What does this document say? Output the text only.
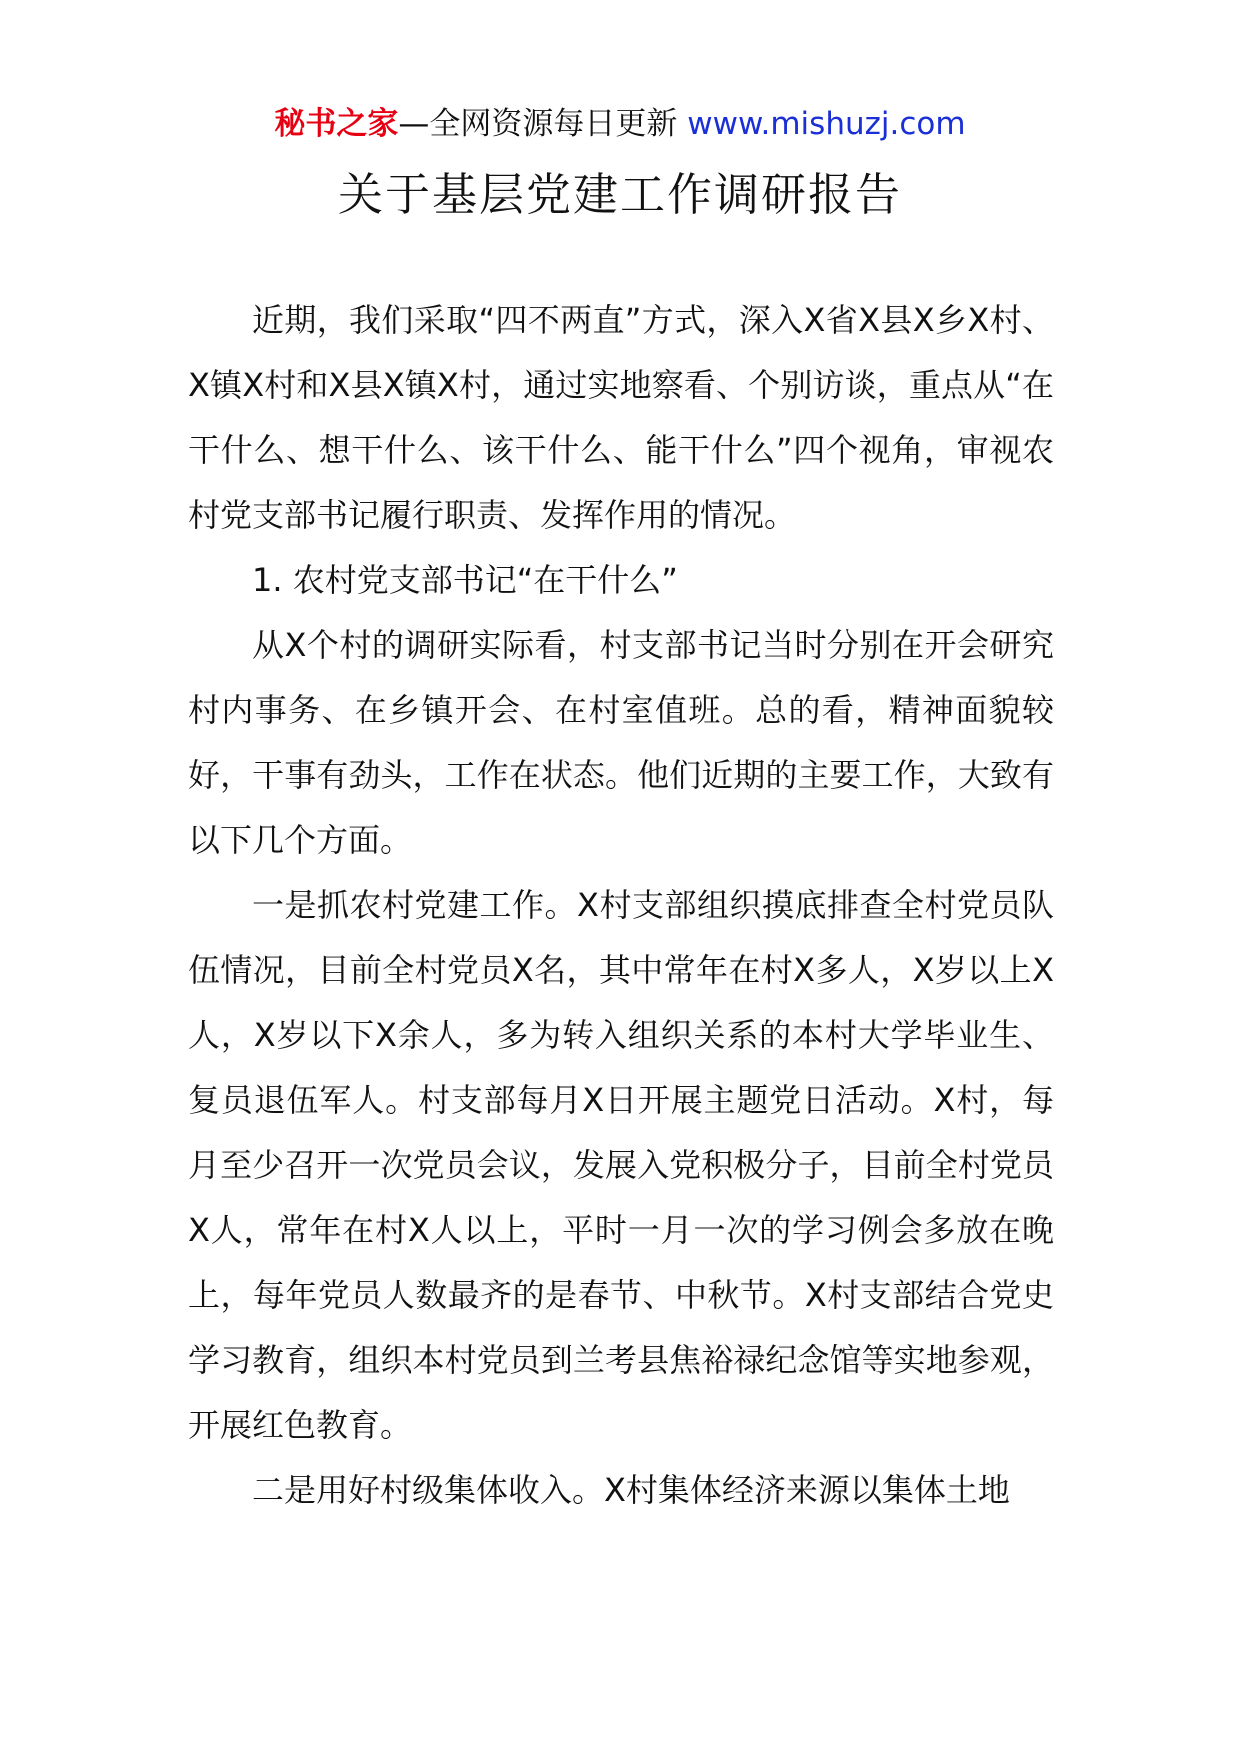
秘书之家—全网资源每日更新 www.mishuzj.com
关于基层党建工作调研报告

近期，我们采取“四不两直”方式，深入X省X县X乡X村、X镇X村和X县X镇X村，通过实地察看、个别访谈，重点从“在干什么、想干什么、该干什么、能干什么”四个视角，审视农村党支部书记履行职责、发挥作用的情况。

1. 农村党支部书记“在干什么”

从X个村的调研实际看，村支部书记当时分别在开会研究村内事务、在乡镇开会、在村室值班。总的看，精神面貌较好，干事有劲头，工作在状态。他们近期的主要工作，大致有以下几个方面。

一是抓农村党建工作。X村支部组织摸底排查全村党员队伍情况，目前全村党员X名，其中常年在村X多人，X岁以上X人，X岁以下X余人，多为转入组织关系的本村大学毕业生、复员退伍军人。村支部每月X日开展主题党日活动。X村，每月至少召开一次党员会议，发展入党积极分子，目前全村党员X人，常年在村X人以上，平时一月一次的学习例会多放在晚上，每年党员人数最齐的是春节、中秋节。X村支部结合党史学习教育，组织本村党员到兰考县焦裕禄纪念馆等实地参观，开展红色教育。

二是用好村级集体收入。X村集体经济来源以集体土地
